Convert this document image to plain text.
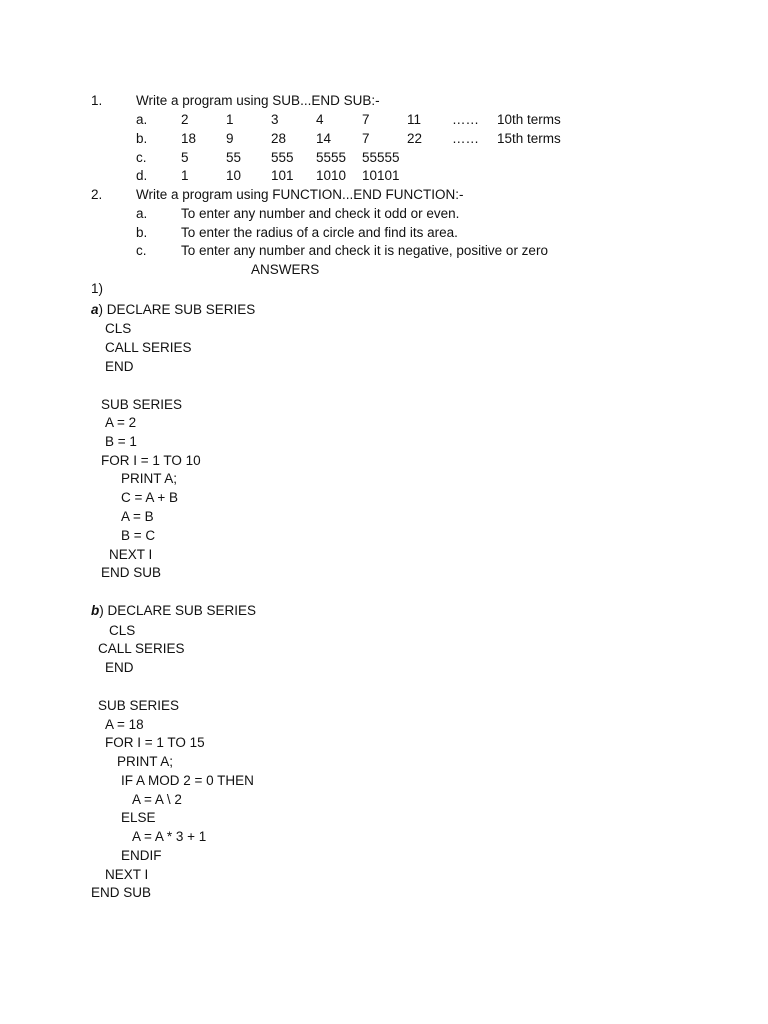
1. Write a program using SUB...END SUB:-
a. 2	1	3	4	7	11 …… 10th terms
b. 18 9	28 14 7	22 …… 15th terms
c.	5	55 555 5555 55555
d. 1	10 101 1010 10101
2. Write a program using FUNCTION...END FUNCTION:-
a. To enter any number and check it odd or even.
b. To enter the radius of a circle and find its area.
c.	To enter any number and check it is negative, positive or zero
ANSWERS
1)
a) DECLARE SUB SERIES
CLS
CALL SERIES
END
SUB SERIES
A = 2
B = 1
FOR I = 1 TO 10
PRINT A;
C = A + B
A = B
B = C
NEXT I
END SUB
b) DECLARE SUB SERIES
CLS
CALL SERIES
END
SUB SERIES
A = 18
FOR I = 1 TO 15
PRINT A;
IF A MOD 2 = 0 THEN
A = A \ 2
ELSE
A = A * 3 + 1
ENDIF
NEXT I
END SUB
